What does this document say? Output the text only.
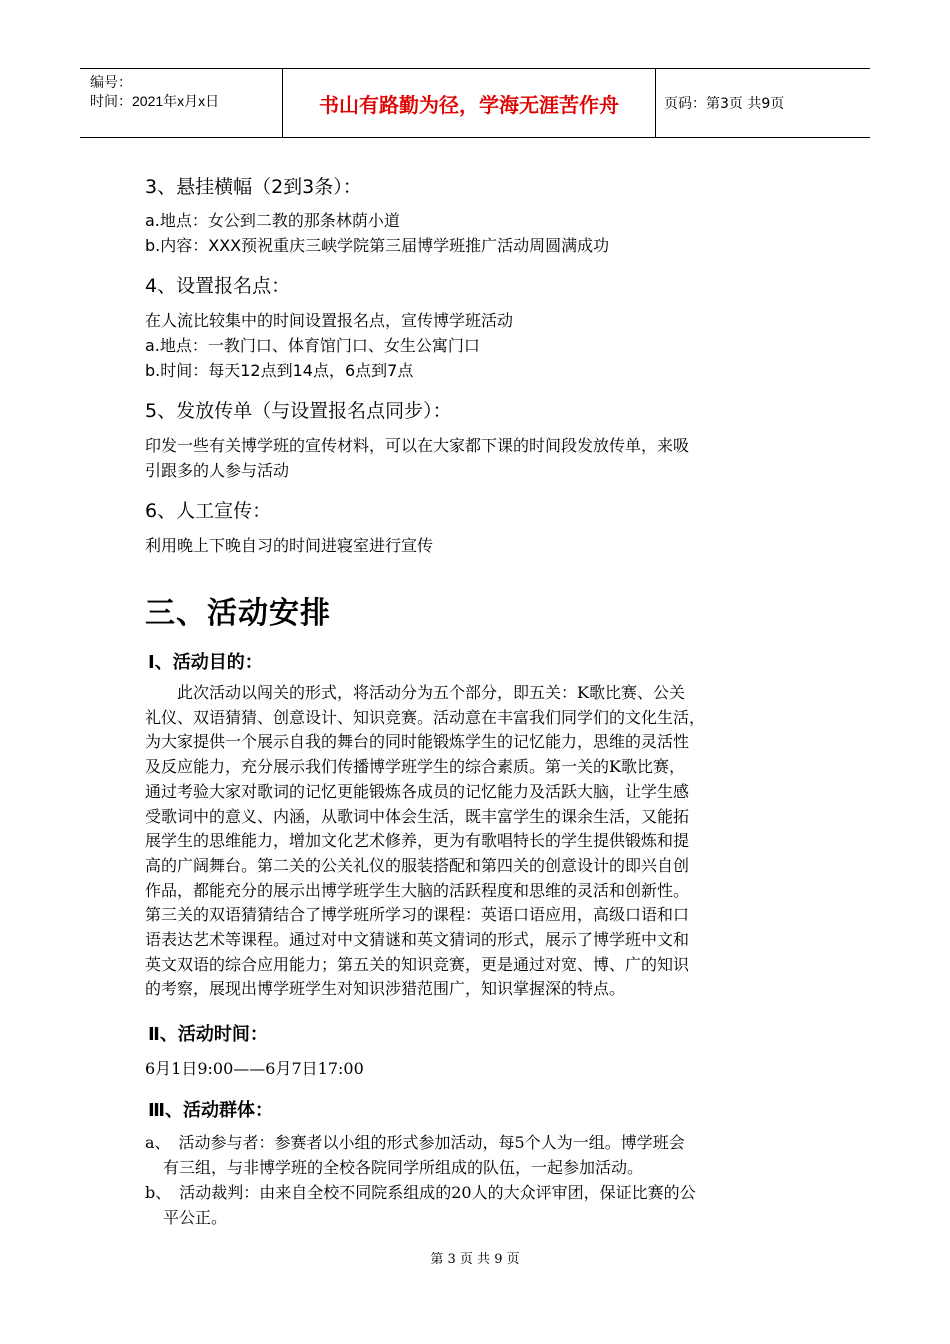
编号：
时间：2021年x月x日	书山有路勤为径，学海无涯苦作舟	页码：第3页 共9页
3、悬挂横幅（2到3条）：
a.地点：女公到二教的那条林荫小道
b.内容：XXX预祝重庆三峡学院第三届博学班推广活动周圆满成功
4、设置报名点：
在人流比较集中的时间设置报名点，宣传博学班活动
a.地点：一教门口、体育馆门口、女生公寓门口
b.时间：每天12点到14点，6点到7点
5、发放传单（与设置报名点同步）：
印发一些有关博学班的宣传材料，可以在大家都下课的时间段发放传单，来吸
引跟多的人参与活动
6、人工宣传：
利用晚上下晚自习的时间进寝室进行宣传
三、活动安排
Ⅰ、活动目的：
　　此次活动以闯关的形式，将活动分为五个部分，即五关：K歌比赛、公关
礼仪、双语猜猜、创意设计、知识竞赛。活动意在丰富我们同学们的文化生活，
为大家提供一个展示自我的舞台的同时能锻炼学生的记忆能力，思维的灵活性
及反应能力，充分展示我们传播博学班学生的综合素质。第一关的K歌比赛，
通过考验大家对歌词的记忆更能锻炼各成员的记忆能力及活跃大脑，让学生感
受歌词中的意义、内涵，从歌词中体会生活，既丰富学生的课余生活，又能拓
展学生的思维能力，增加文化艺术修养，更为有歌唱特长的学生提供锻炼和提
高的广阔舞台。第二关的公关礼仪的服装搭配和第四关的创意设计的即兴自创
作品，都能充分的展示出博学班学生大脑的活跃程度和思维的灵活和创新性。
第三关的双语猜猜结合了博学班所学习的课程：英语口语应用，高级口语和口
语表达艺术等课程。通过对中文猜谜和英文猜词的形式，展示了博学班中文和
英文双语的综合应用能力；第五关的知识竞赛，更是通过对宽、博、广的知识
的考察，展现出博学班学生对知识涉猎范围广，知识掌握深的特点。
Ⅱ、活动时间：
6月1日9:00——6月7日17:00
Ⅲ、活动群体：
a、　活动参与者：参赛者以小组的形式参加活动，每5个人为一组。博学班会
有三组，与非博学班的全校各院同学所组成的队伍，一起参加活动。
b、　活动裁判：由来自全校不同院系组成的20人的大众评审团，保证比赛的公
平公正。
第 3 页 共 9 页
